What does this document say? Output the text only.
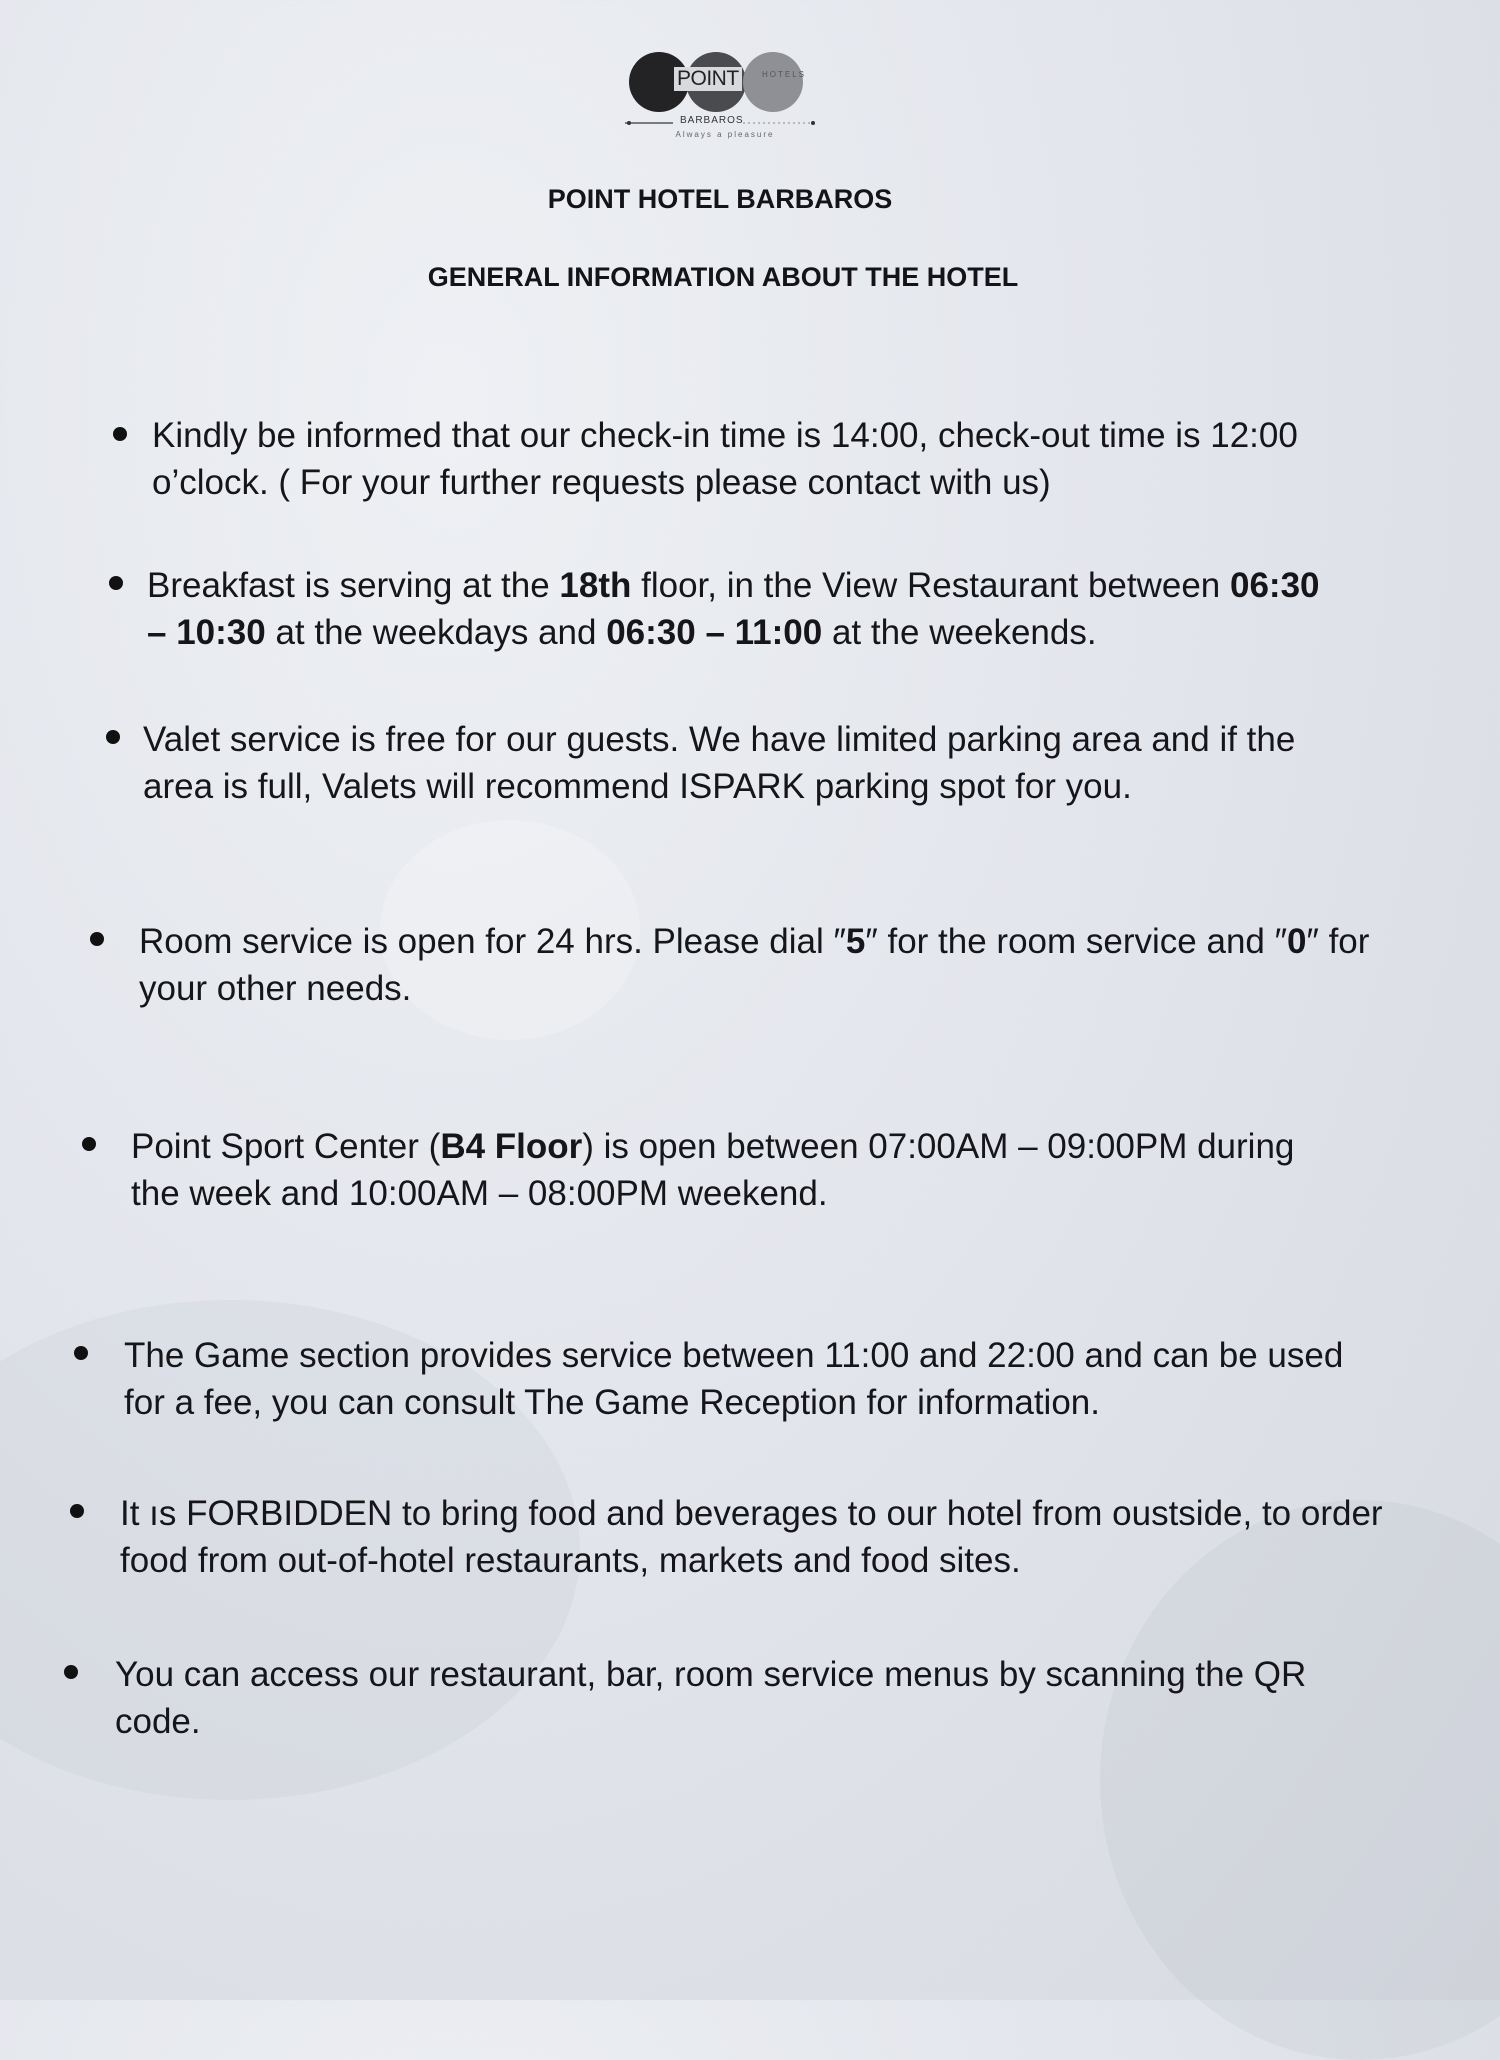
POINT	HOTELS
BARBAROS
Always a pleasure
POINT HOTEL BARBAROS
GENERAL INFORMATION ABOUT THE HOTEL
Kindly be informed that our check-in time is 14:00, check-out time is 12:00 o’clock. ( For your further requests please contact with us)
Breakfast is serving at the 18th floor, in the View Restaurant between 06:30 – 10:30 at the weekdays and 06:30 – 11:00 at the weekends.
Valet service is free for our guests. We have limited parking area and if the area is full, Valets will recommend ISPARK parking spot for you.
Room service is open for 24 hrs. Please dial ″5″ for the room service and ″0″ for your other needs.
Point Sport Center (B4 Floor) is open between 07:00AM – 09:00PM during the week and 10:00AM – 08:00PM weekend.
The Game section provides service between 11:00 and 22:00 and can be used for a fee, you can consult The Game Reception for information.
It ıs FORBIDDEN to bring food and beverages to our hotel from oustside, to order food from out-of-hotel restaurants, markets and food sites.
You can access our restaurant, bar, room service menus by scanning the QR code.
